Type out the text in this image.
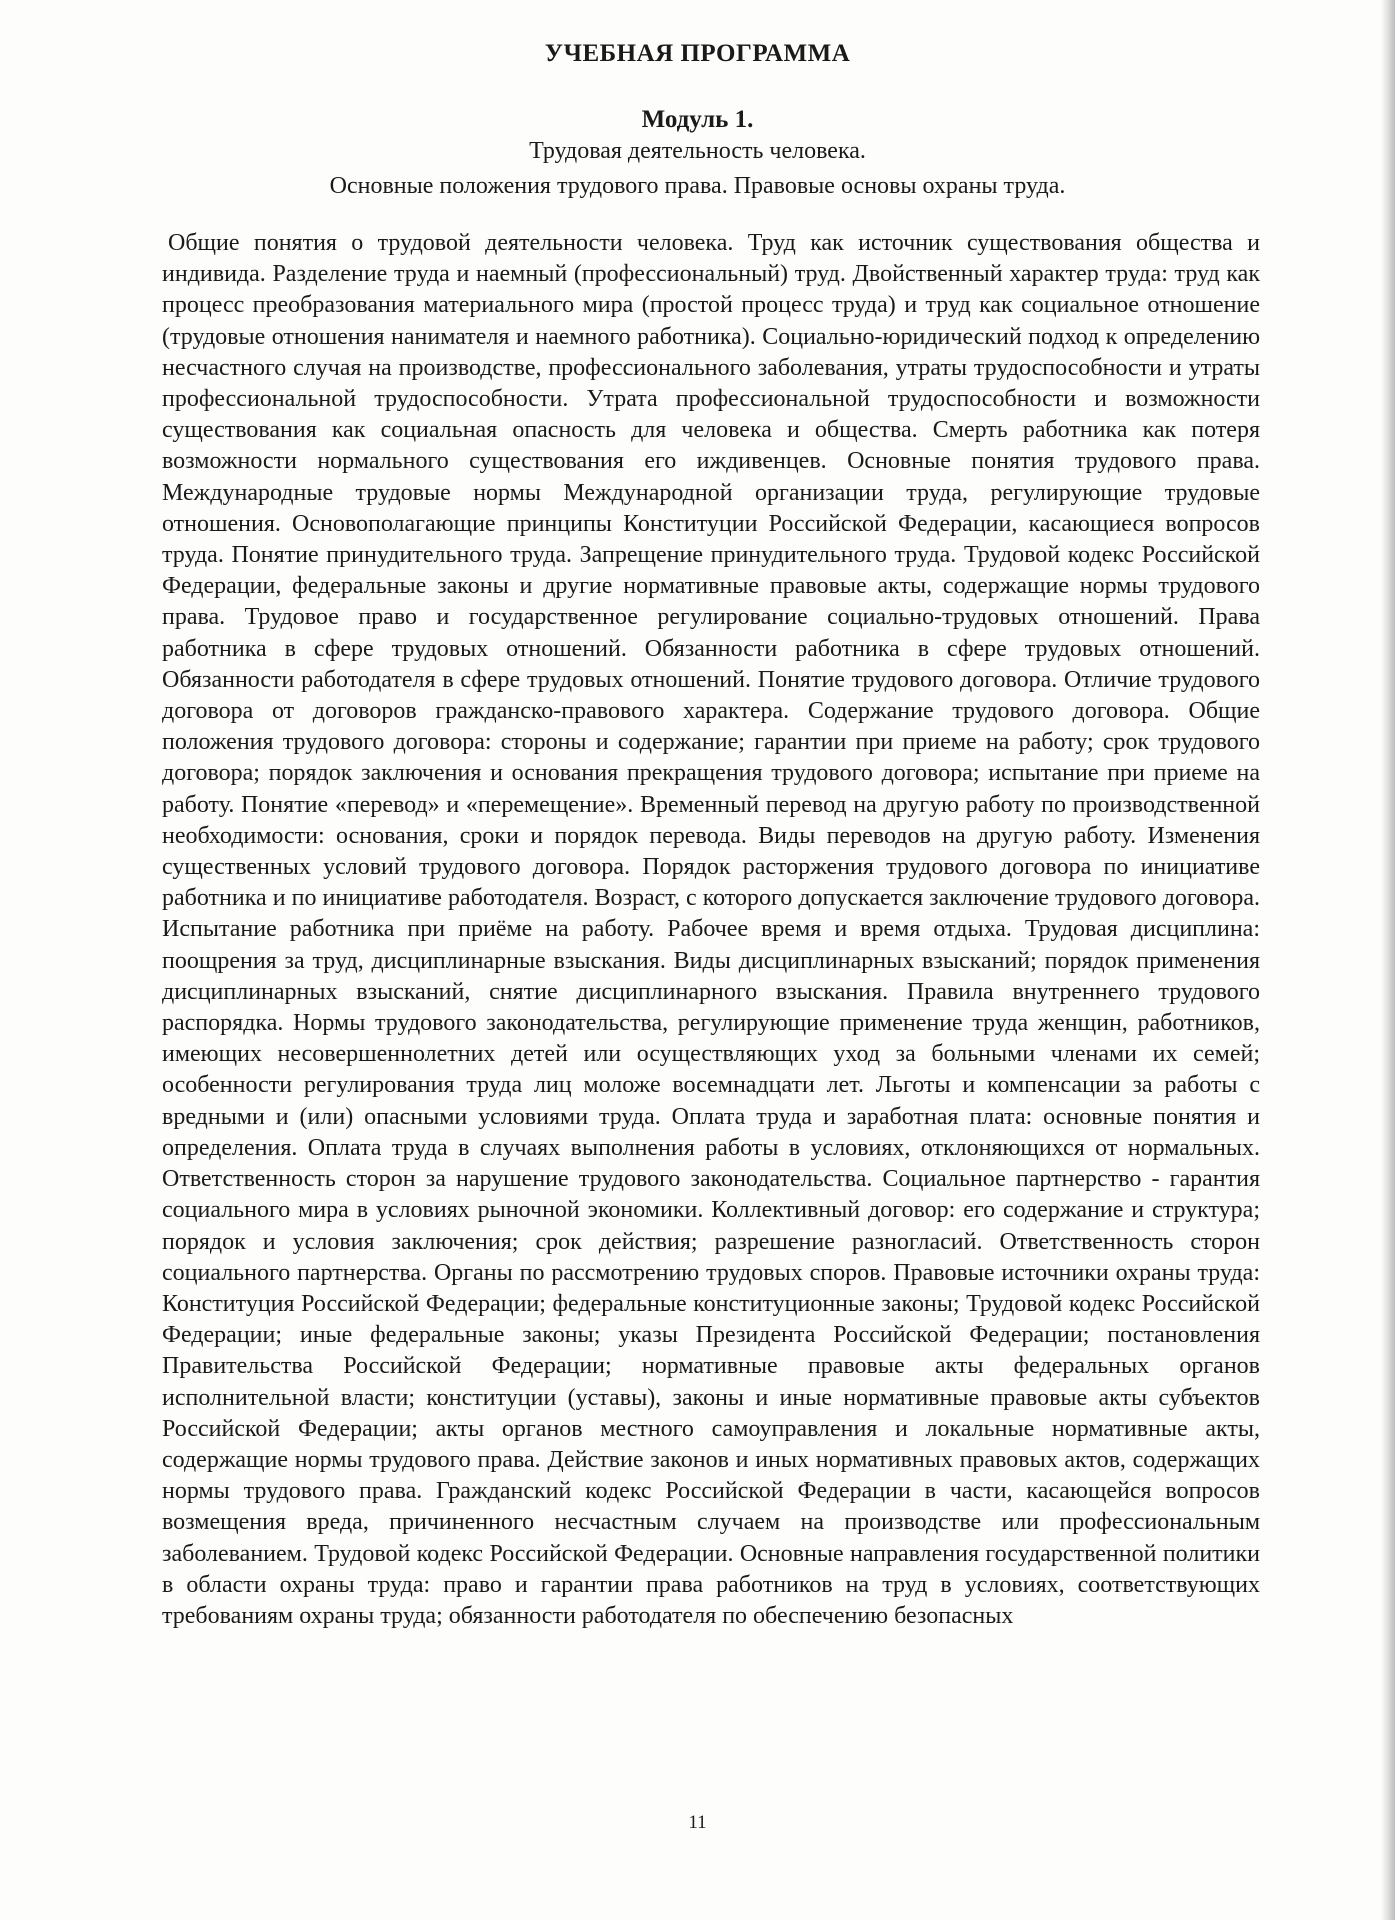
УЧЕБНАЯ ПРОГРАММА
Модуль 1.
Трудовая деятельность человека.
Основные положения трудового права. Правовые основы охраны труда.

Общие понятия о трудовой деятельности человека. Труд как источник существования общества и индивида. Разделение труда и наемный (профессиональный) труд. Двойственный характер труда: труд как процесс преобразования материального мира (простой процесс труда) и труд как социальное отношение (трудовые отношения нанимателя и наемного работника). Социально-юридический подход к определению несчастного случая на производстве, профессионального заболевания, утраты трудоспособности и утраты профессиональной трудоспособности. Утрата профессиональной трудоспособности и возможности существования как социальная опасность для человека и общества. Смерть работника как потеря возможности нормального существования его иждивенцев. Основные понятия трудового права. Международные трудовые нормы Международной организации труда, регулирующие трудовые отношения. Основополагающие принципы Конституции Российской Федерации, касающиеся вопросов труда. Понятие принудительного труда. Запрещение принудительного труда. Трудовой кодекс Российской Федерации, федеральные законы и другие нормативные правовые акты, содержащие нормы трудового права. Трудовое право и государственное регулирование социально-трудовых отношений. Права работника в сфере трудовых отношений. Обязанности работника в сфере трудовых отношений. Обязанности работодателя в сфере трудовых отношений. Понятие трудового договора. Отличие трудового договора от договоров гражданско-правового характера. Содержание трудового договора. Общие положения трудового договора: стороны и содержание; гарантии при приеме на работу; срок трудового договора; порядок заключения и основания прекращения трудового договора; испытание при приеме на работу. Понятие «перевод» и «перемещение». Временный перевод на другую работу по производственной необходимости: основания, сроки и порядок перевода. Виды переводов на другую работу. Изменения существенных условий трудового договора. Порядок расторжения трудового договора по инициативе работника и по инициативе работодателя. Возраст, с которого допускается заключение трудового договора. Испытание работника при приёме на работу. Рабочее время и время отдыха. Трудовая дисциплина: поощрения за труд, дисциплинарные взыскания. Виды дисциплинарных взысканий; порядок применения дисциплинарных взысканий, снятие дисциплинарного взыскания. Правила внутреннего трудового распорядка. Нормы трудового законодательства, регулирующие применение труда женщин, работников, имеющих несовершеннолетних детей или осуществляющих уход за больными членами их семей; особенности регулирования труда лиц моложе восемнадцати лет. Льготы и компенсации за работы с вредными и (или) опасными условиями труда. Оплата труда и заработная плата: основные понятия и определения. Оплата труда в случаях выполнения работы в условиях, отклоняющихся от нормальных. Ответственность сторон за нарушение трудового законодательства. Социальное партнерство - гарантия социального мира в условиях рыночной экономики. Коллективный договор: его содержание и структура; порядок и условия заключения; срок действия; разрешение разногласий. Ответственность сторон социального партнерства. Органы по рассмотрению трудовых споров. Правовые источники охраны труда: Конституция Российской Федерации; федеральные конституционные законы; Трудовой кодекс Российской Федерации; иные федеральные законы; указы Президента Российской Федерации; постановления Правительства Российской Федерации; нормативные правовые акты федеральных органов исполнительной власти; конституции (уставы), законы и иные нормативные правовые акты субъектов Российской Федерации; акты органов местного самоуправления и локальные нормативные акты, содержащие нормы трудового права. Действие законов и иных нормативных правовых актов, содержащих нормы трудового права. Гражданский кодекс Российской Федерации в части, касающейся вопросов возмещения вреда, причиненного несчастным случаем на производстве или профессиональным заболеванием. Трудовой кодекс Российской Федерации. Основные направления государственной политики в области охраны труда: право и гарантии права работников на труд в условиях, соответствующих требованиям охраны труда; обязанности работодателя по обеспечению безопасных

11
